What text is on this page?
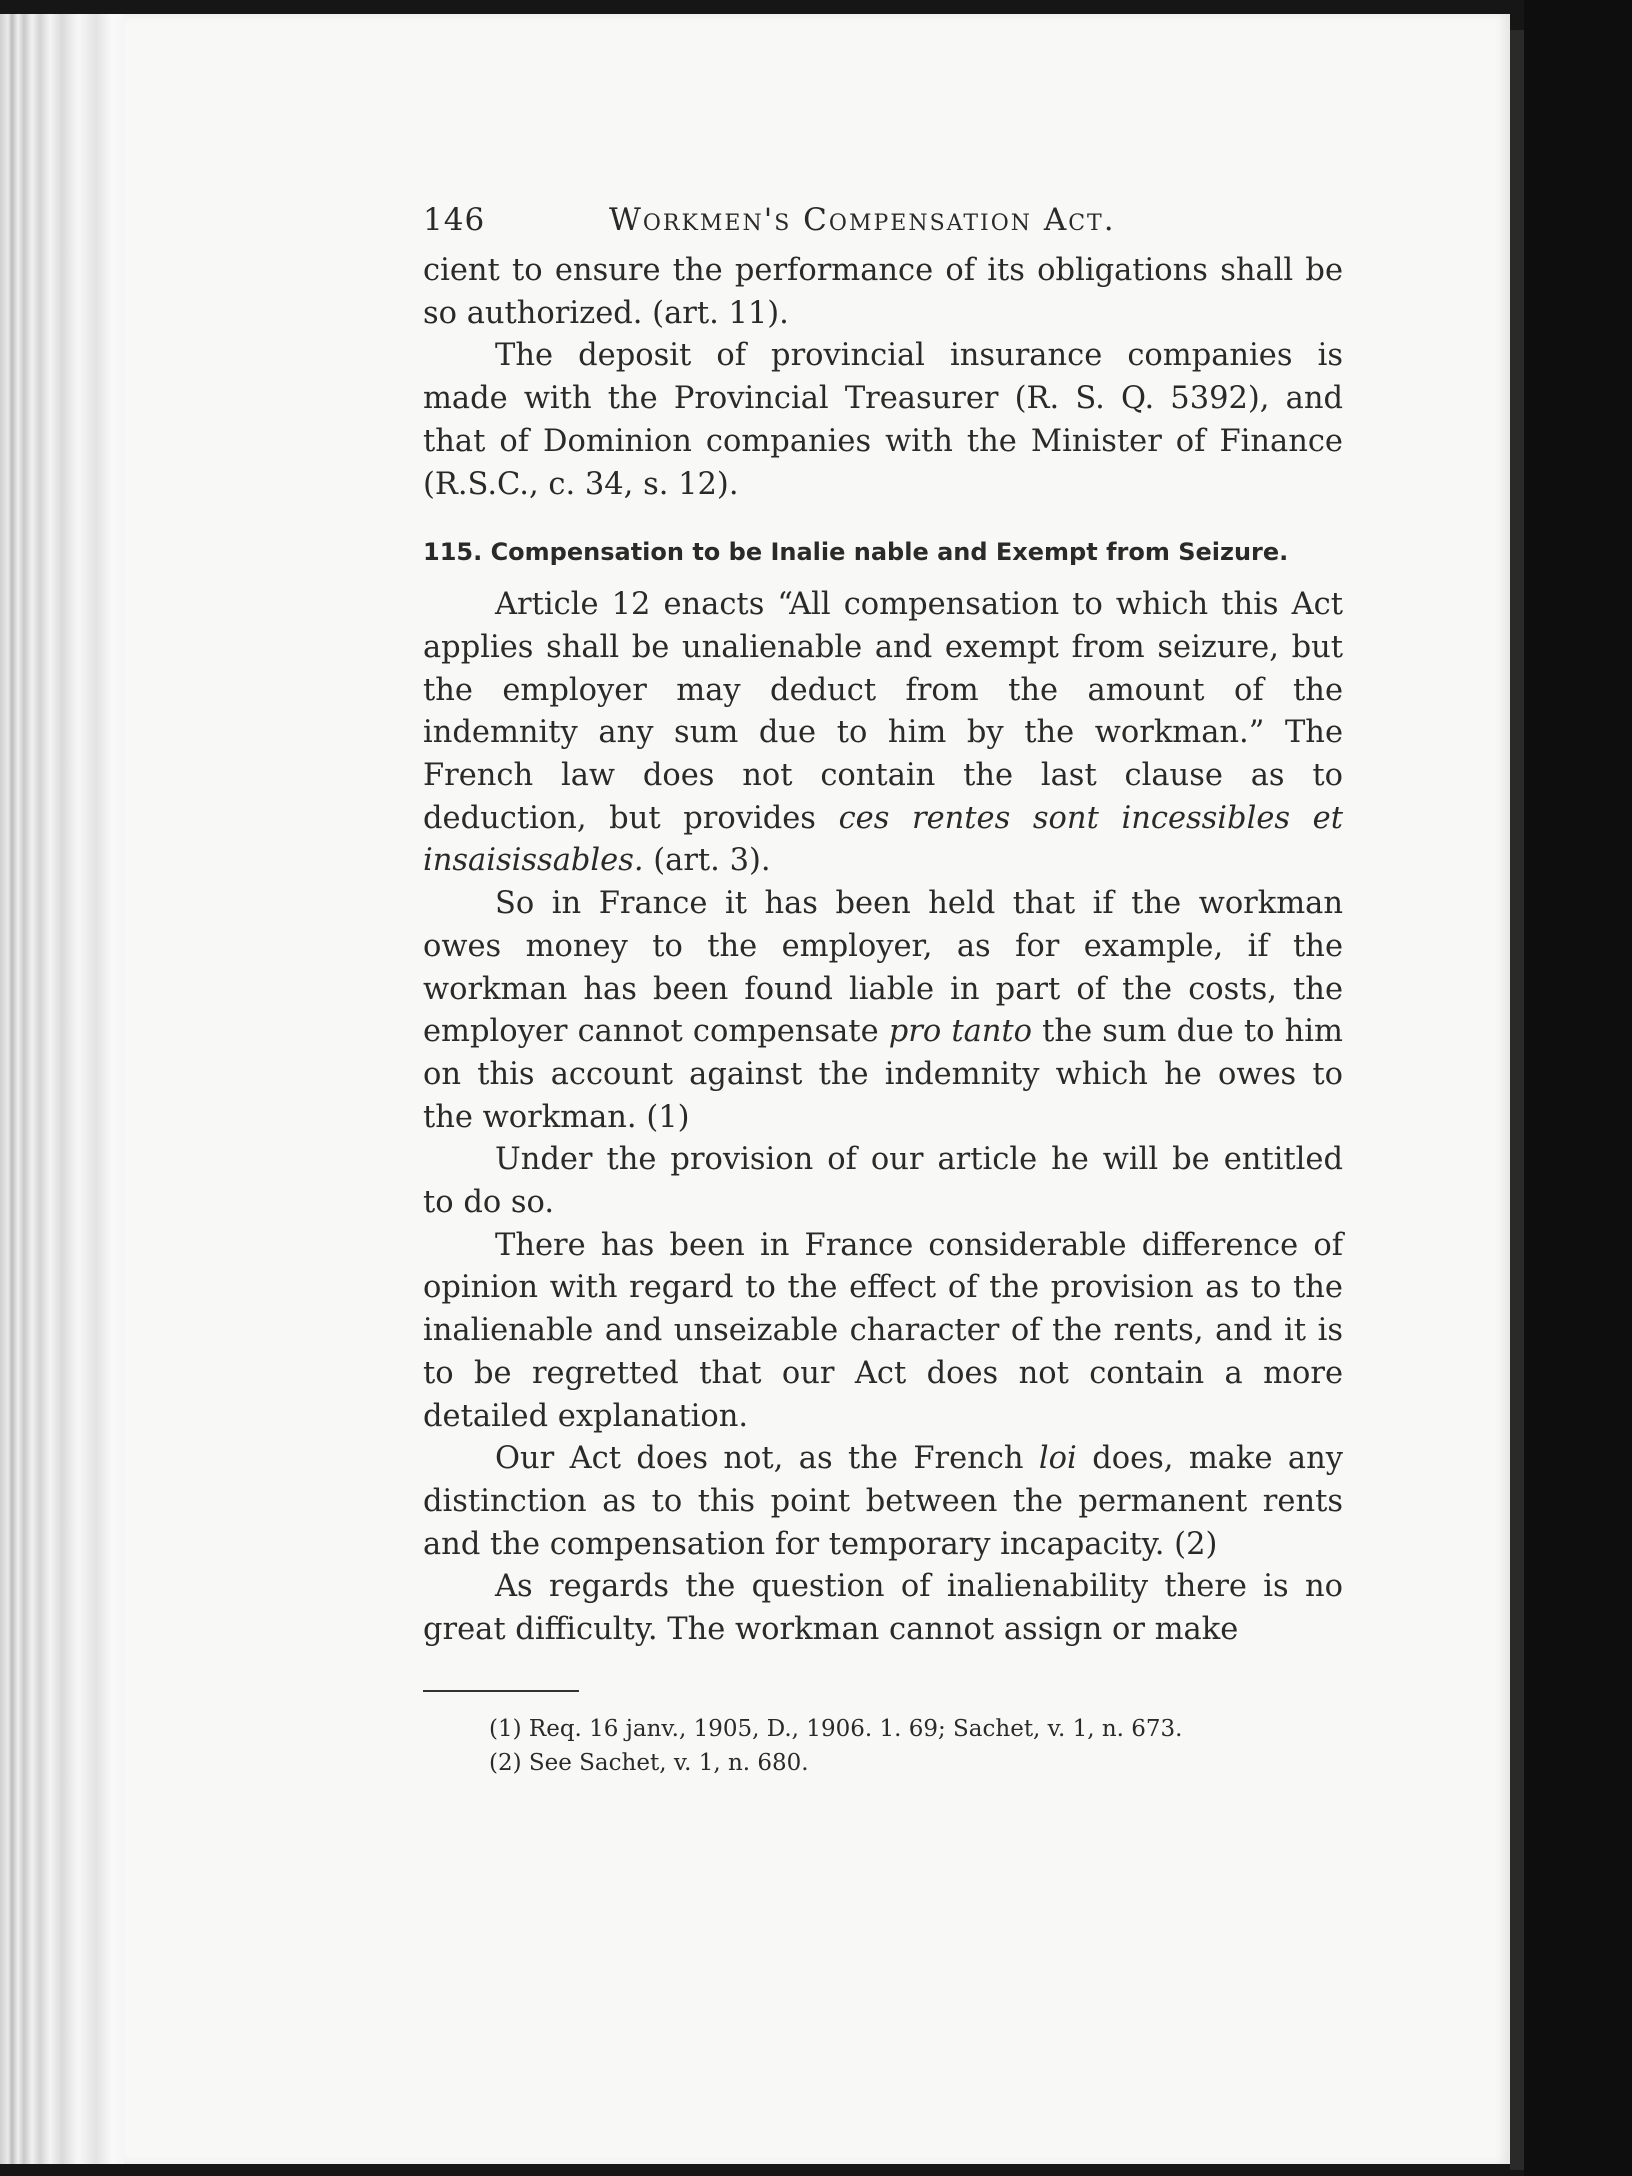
146	Workmen's Compensation Act.

cient to ensure the performance of its obligations shall be so authorized. (art. 11).

The deposit of provincial insurance companies is made with the Provincial Treasurer (R. S. Q. 5392), and that of Dominion companies with the Minister of Finance (R.S.C., c. 34, s. 12).

115. Compensation to be Inalie nable and Exempt from Seizure.

Article 12 enacts “All compensation to which this Act applies shall be unalienable and exempt from seizure, but the employer may deduct from the amount of the indemnity any sum due to him by the workman.” The French law does not contain the last clause as to deduction, but provides ces rentes sont incessibles et insaisissables. (art. 3).

So in France it has been held that if the workman owes money to the employer, as for example, if the workman has been found liable in part of the costs, the employer cannot compensate pro tanto the sum due to him on this account against the indemnity which he owes to the workman. (1)

Under the provision of our article he will be entitled to do so.

There has been in France considerable difference of opinion with regard to the effect of the provision as to the inalienable and unseizable character of the rents, and it is to be regretted that our Act does not contain a more detailed explanation.

Our Act does not, as the French loi does, make any distinction as to this point between the permanent rents and the compensation for temporary incapacity. (2)

As regards the question of inalienability there is no great difficulty. The workman cannot assign or make

(1) Req. 16 janv., 1905, D., 1906. 1. 69; Sachet, v. 1, n. 673.
(2) See Sachet, v. 1, n. 680.
